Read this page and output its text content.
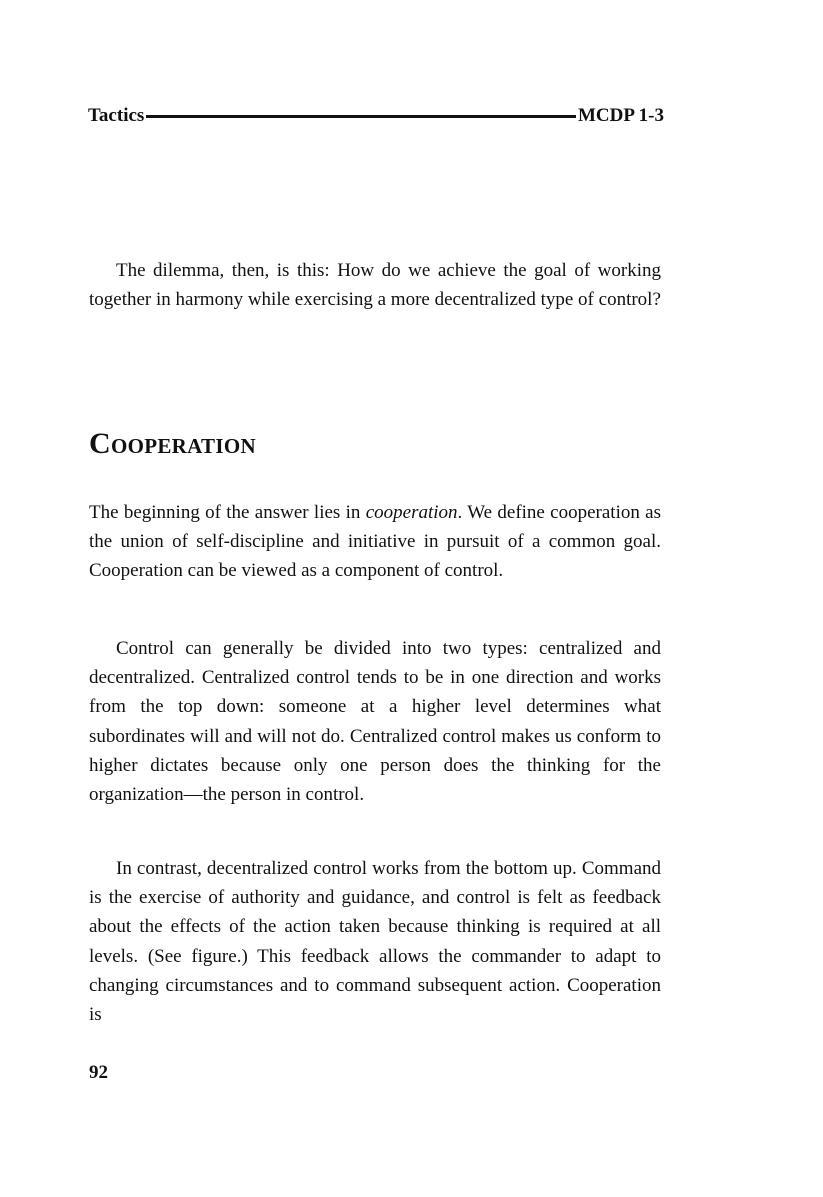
Tactics	MCDP 1-3

The dilemma, then, is this: How do we achieve the goal of working together in harmony while exercising a more decentralized type of control?

Cooperation

The beginning of the answer lies in cooperation. We define cooperation as the union of self-discipline and initiative in pursuit of a common goal. Cooperation can be viewed as a component of control.

Control can generally be divided into two types: centralized and decentralized. Centralized control tends to be in one direction and works from the top down: someone at a higher level determines what subordinates will and will not do. Centralized control makes us conform to higher dictates because only one person does the thinking for the organization—the person in control.

In contrast, decentralized control works from the bottom up. Command is the exercise of authority and guidance, and control is felt as feedback about the effects of the action taken because thinking is required at all levels. (See figure.) This feedback allows the commander to adapt to changing circumstances and to command subsequent action. Cooperation is

92
